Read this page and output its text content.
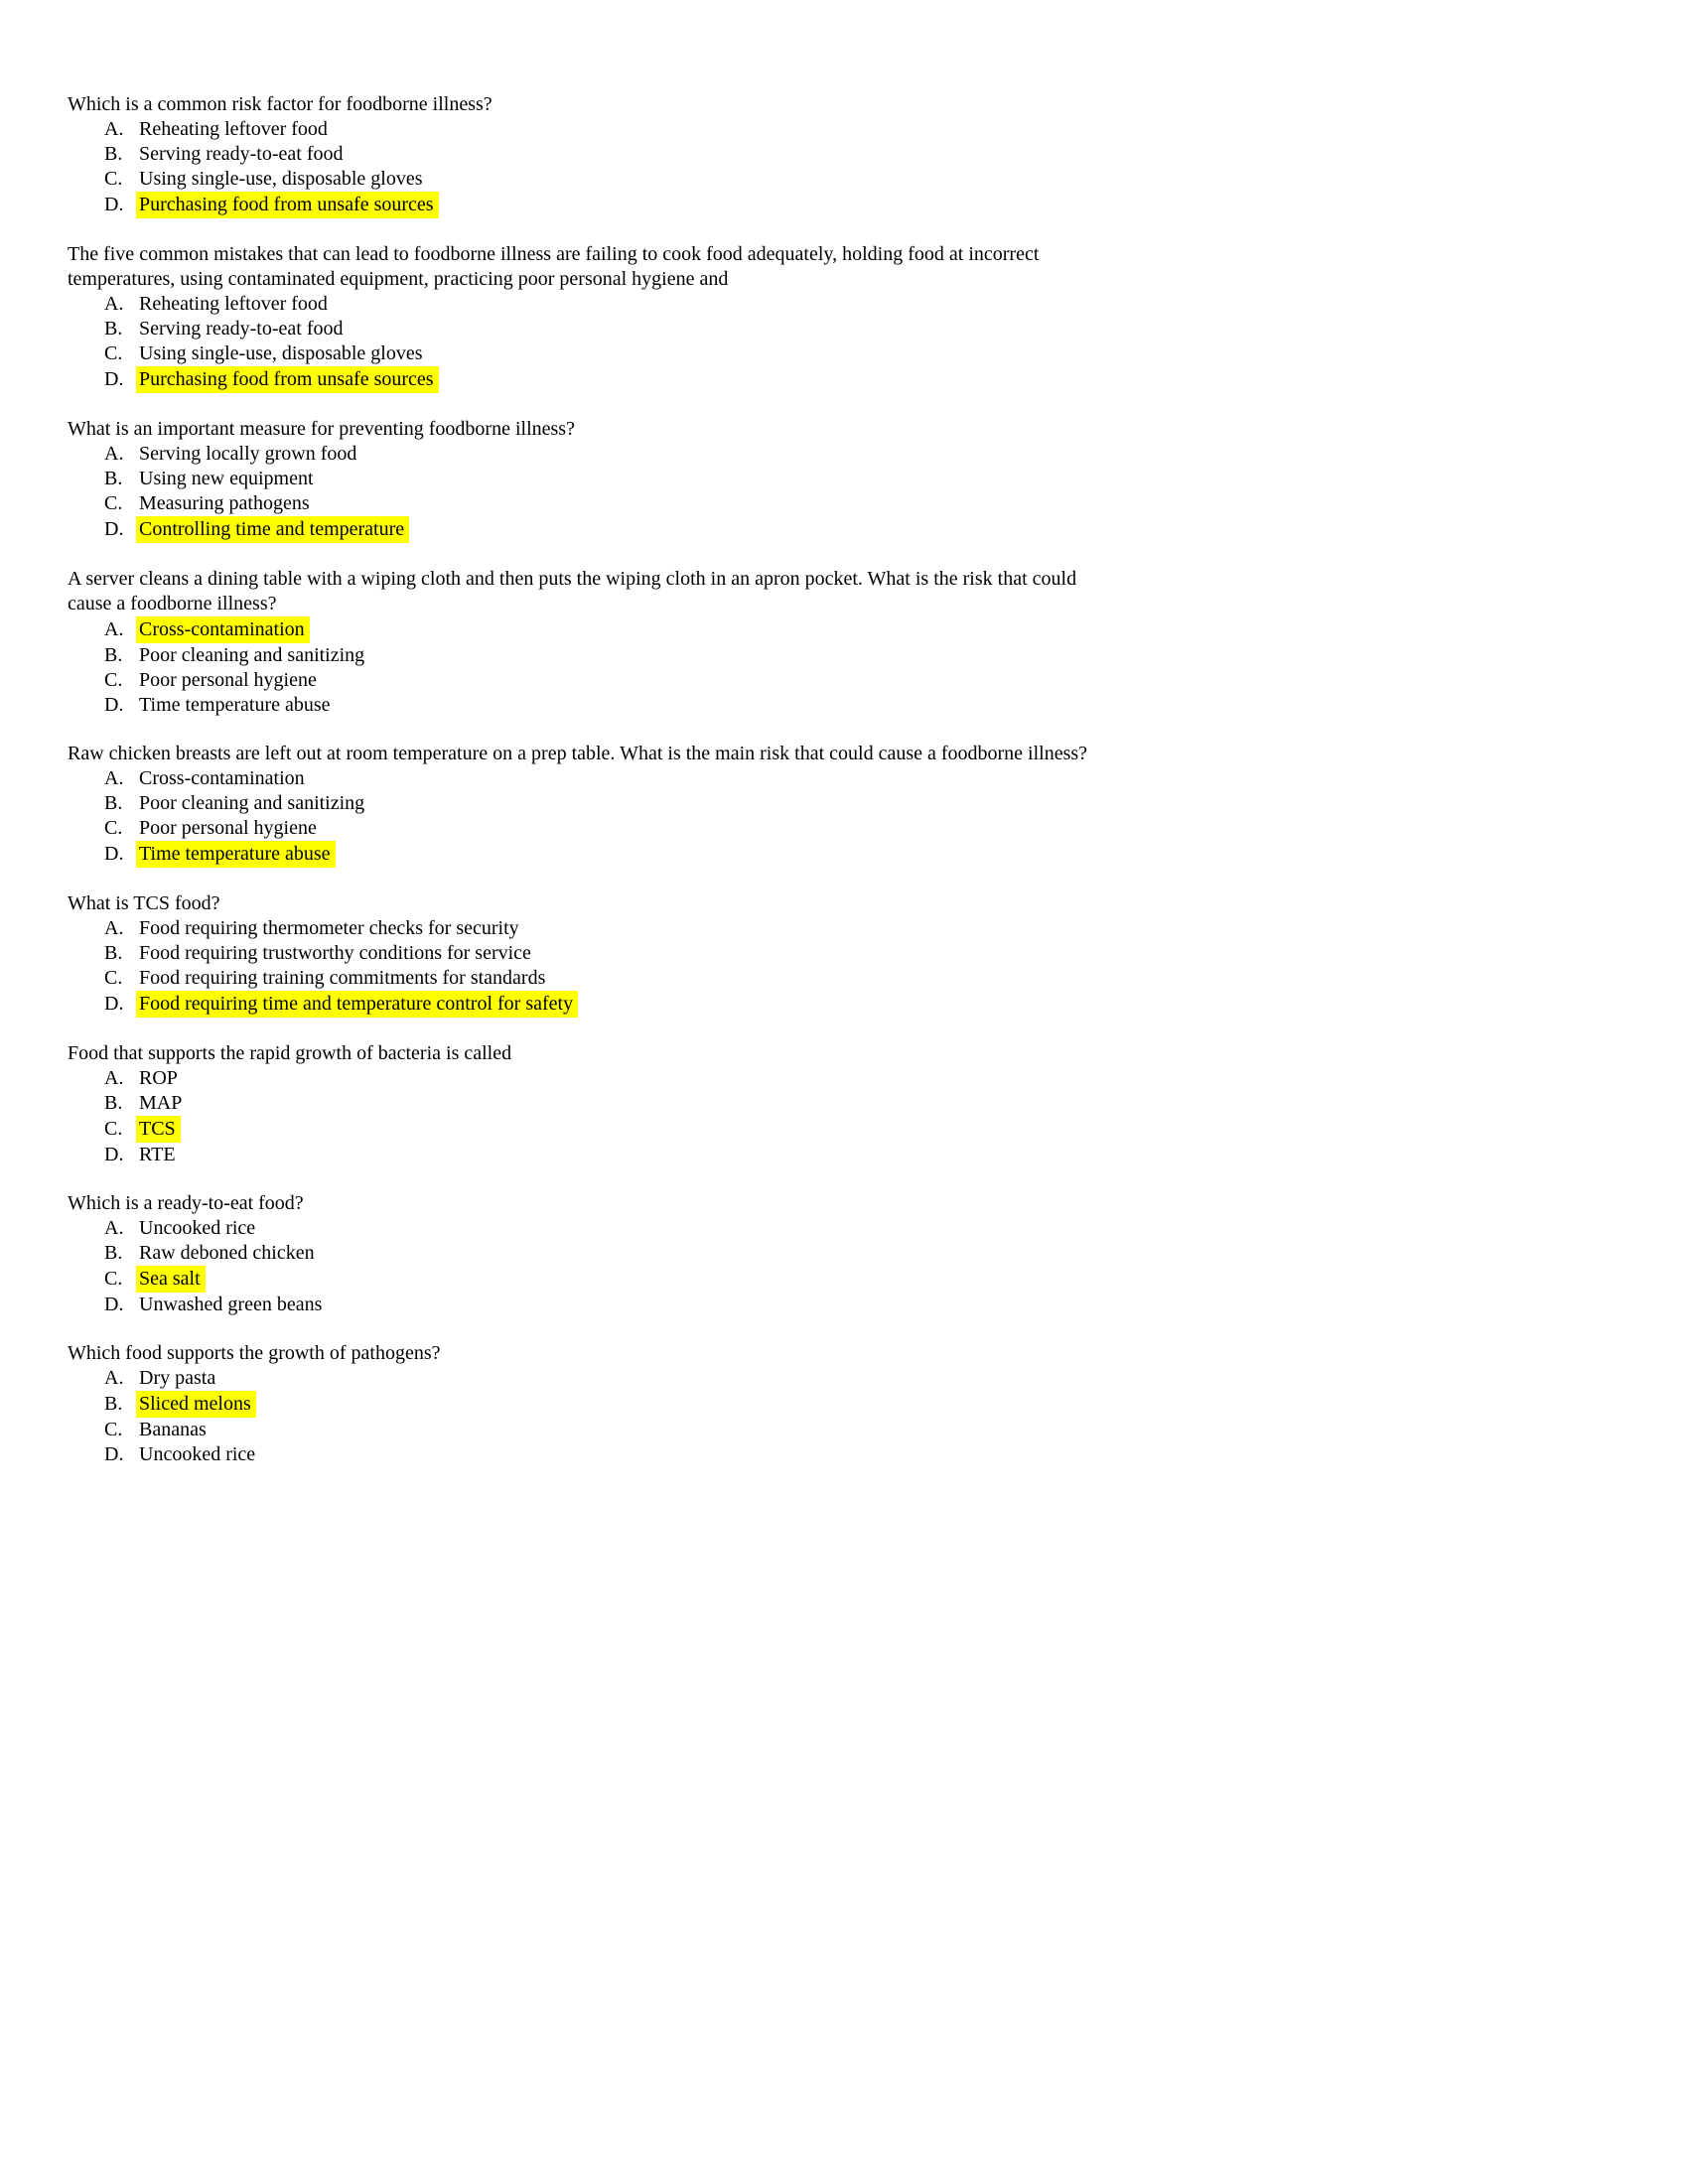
Which is a common risk factor for foodborne illness?
A. Reheating leftover food
B. Serving ready-to-eat food
C. Using single-use, disposable gloves
D. Purchasing food from unsafe sources
The five common mistakes that can lead to foodborne illness are failing to cook food adequately, holding food at incorrect temperatures, using contaminated equipment, practicing poor personal hygiene and
A. Reheating leftover food
B. Serving ready-to-eat food
C. Using single-use, disposable gloves
D. Purchasing food from unsafe sources
What is an important measure for preventing foodborne illness?
A. Serving locally grown food
B. Using new equipment
C. Measuring pathogens
D. Controlling time and temperature
A server cleans a dining table with a wiping cloth and then puts the wiping cloth in an apron pocket. What is the risk that could cause a foodborne illness?
A. Cross-contamination
B. Poor cleaning and sanitizing
C. Poor personal hygiene
D. Time temperature abuse
Raw chicken breasts are left out at room temperature on a prep table. What is the main risk that could cause a foodborne illness?
A. Cross-contamination
B. Poor cleaning and sanitizing
C. Poor personal hygiene
D. Time temperature abuse
What is TCS food?
A. Food requiring thermometer checks for security
B. Food requiring trustworthy conditions for service
C. Food requiring training commitments for standards
D. Food requiring time and temperature control for safety
Food that supports the rapid growth of bacteria is called
A. ROP
B. MAP
C. TCS
D. RTE
Which is a ready-to-eat food?
A. Uncooked rice
B. Raw deboned chicken
C. Sea salt
D. Unwashed green beans
Which food supports the growth of pathogens?
A. Dry pasta
B. Sliced melons
C. Bananas
D. Uncooked rice
